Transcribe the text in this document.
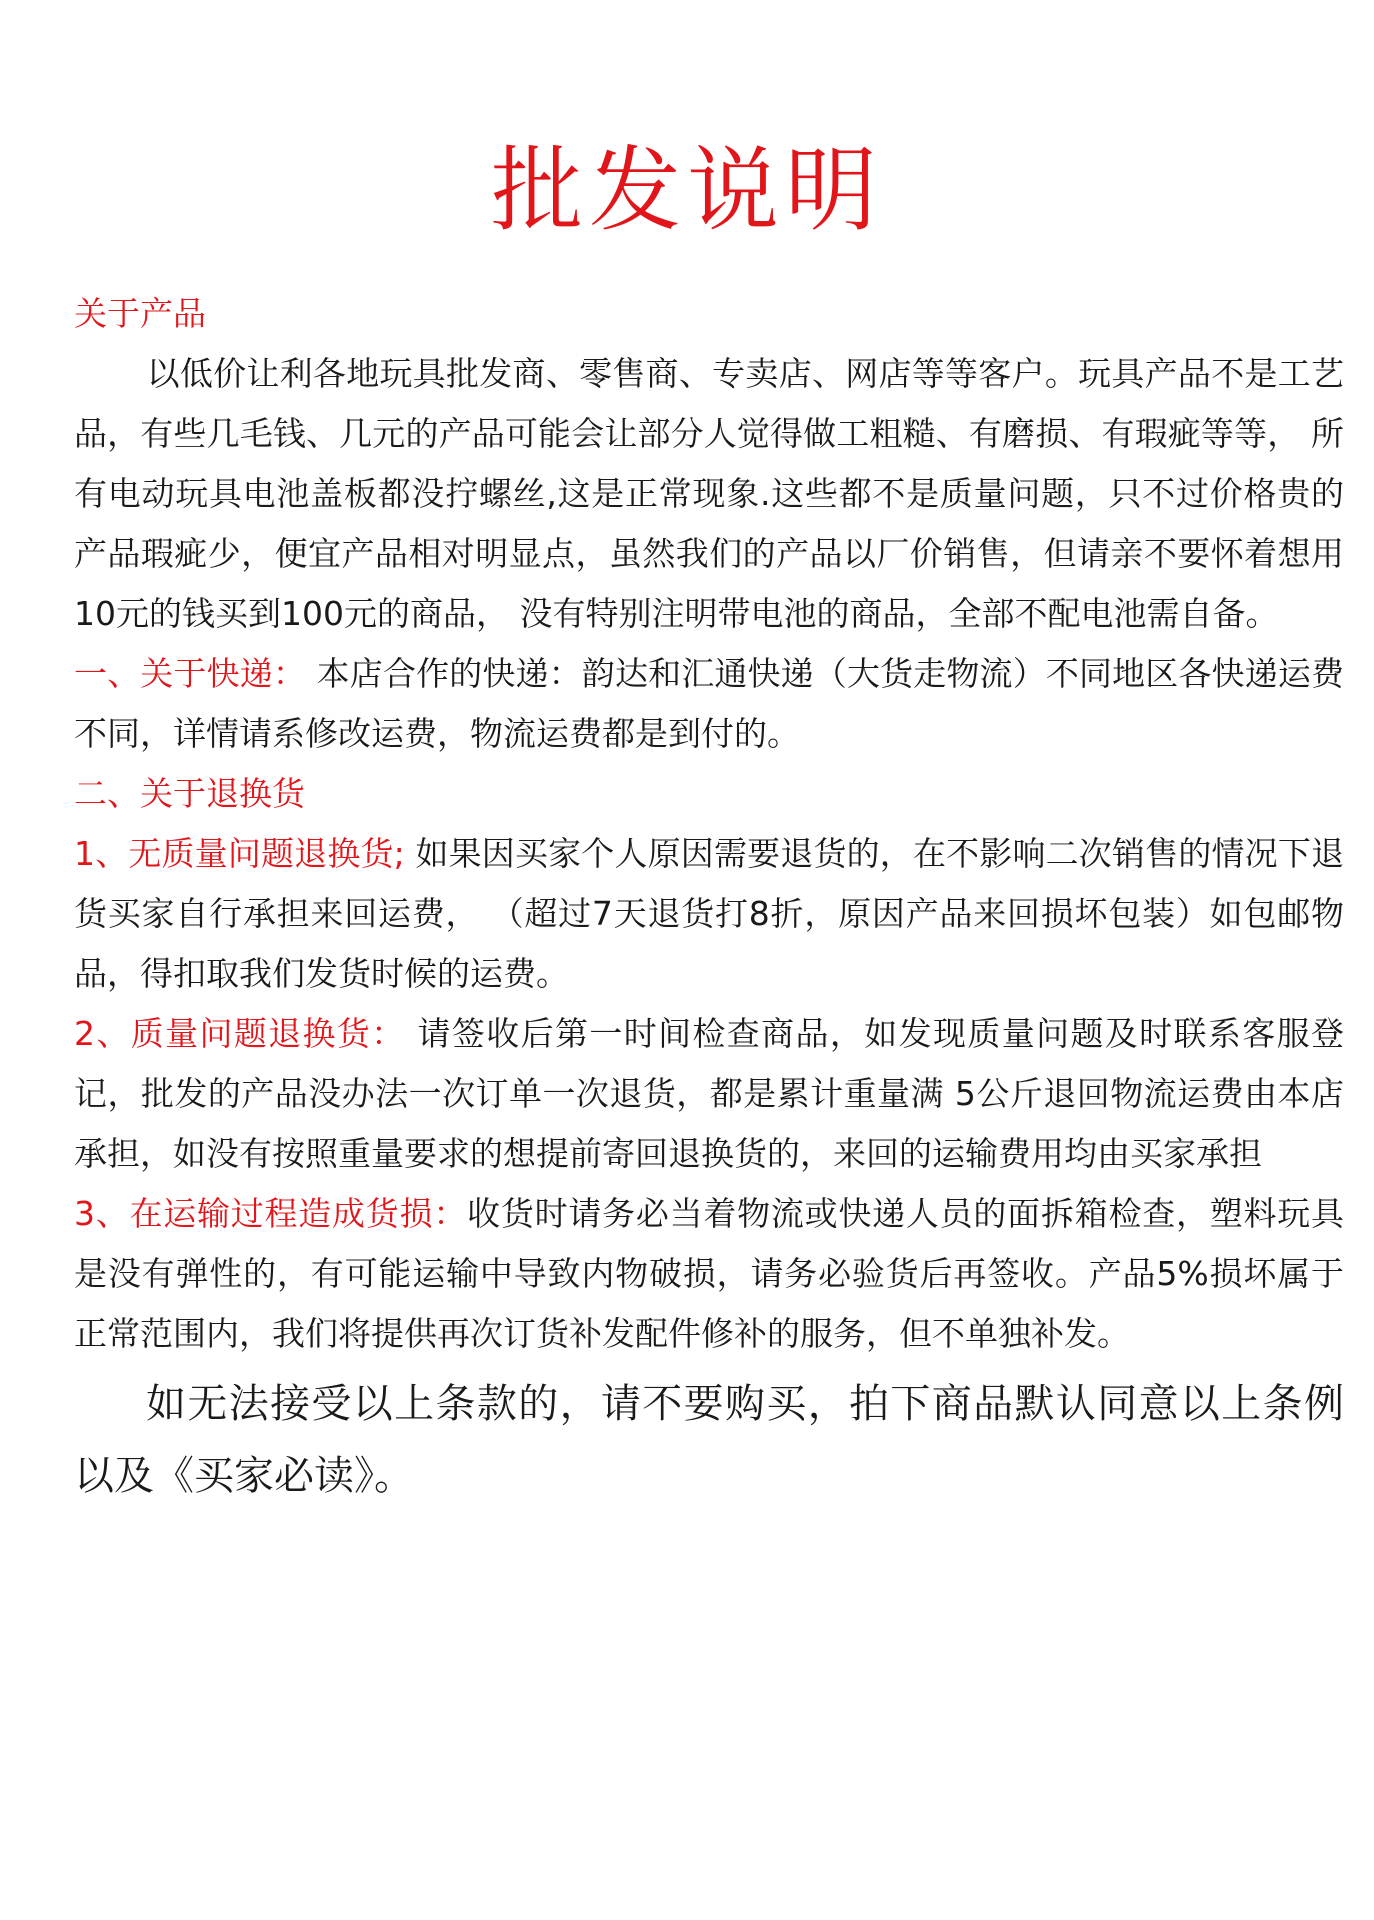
批发说明

关于产品

以低价让利各地玩具批发商、零售商、专卖店、网店等等客户。玩具产品不是工艺品，有些几毛钱、几元的产品可能会让部分人觉得做工粗糙、有磨损、有瑕疵等等， 所有电动玩具电池盖板都没拧螺丝,这是正常现象.这些都不是质量问题，只不过价格贵的产品瑕疵少，便宜产品相对明显点，虽然我们的产品以厂价销售，但请亲不要怀着想用10元的钱买到100元的商品， 没有特别注明带电池的商品，全部不配电池需自备。

一、关于快递： 本店合作的快递：韵达和汇通快递（大货走物流）不同地区各快递运费不同，详情请系修改运费，物流运费都是到付的。

二、关于退换货

1、无质量问题退换货; 如果因买家个人原因需要退货的，在不影响二次销售的情况下退货买家自行承担来回运费， （超过7天退货打8折，原因产品来回损坏包装）如包邮物品，得扣取我们发货时候的运费。

2、质量问题退换货： 请签收后第一时间检查商品，如发现质量问题及时联系客服登记，批发的产品没办法一次订单一次退货，都是累计重量满 5公斤退回物流运费由本店承担，如没有按照重量要求的想提前寄回退换货的，来回的运输费用均由买家承担

3、在运输过程造成货损：收货时请务必当着物流或快递人员的面拆箱检查，塑料玩具是没有弹性的，有可能运输中导致内物破损，请务必验货后再签收。产品5%损坏属于正常范围内，我们将提供再次订货补发配件修补的服务，但不单独补发。

如无法接受以上条款的，请不要购买，拍下商品默认同意以上条例以及《买家必读》。
